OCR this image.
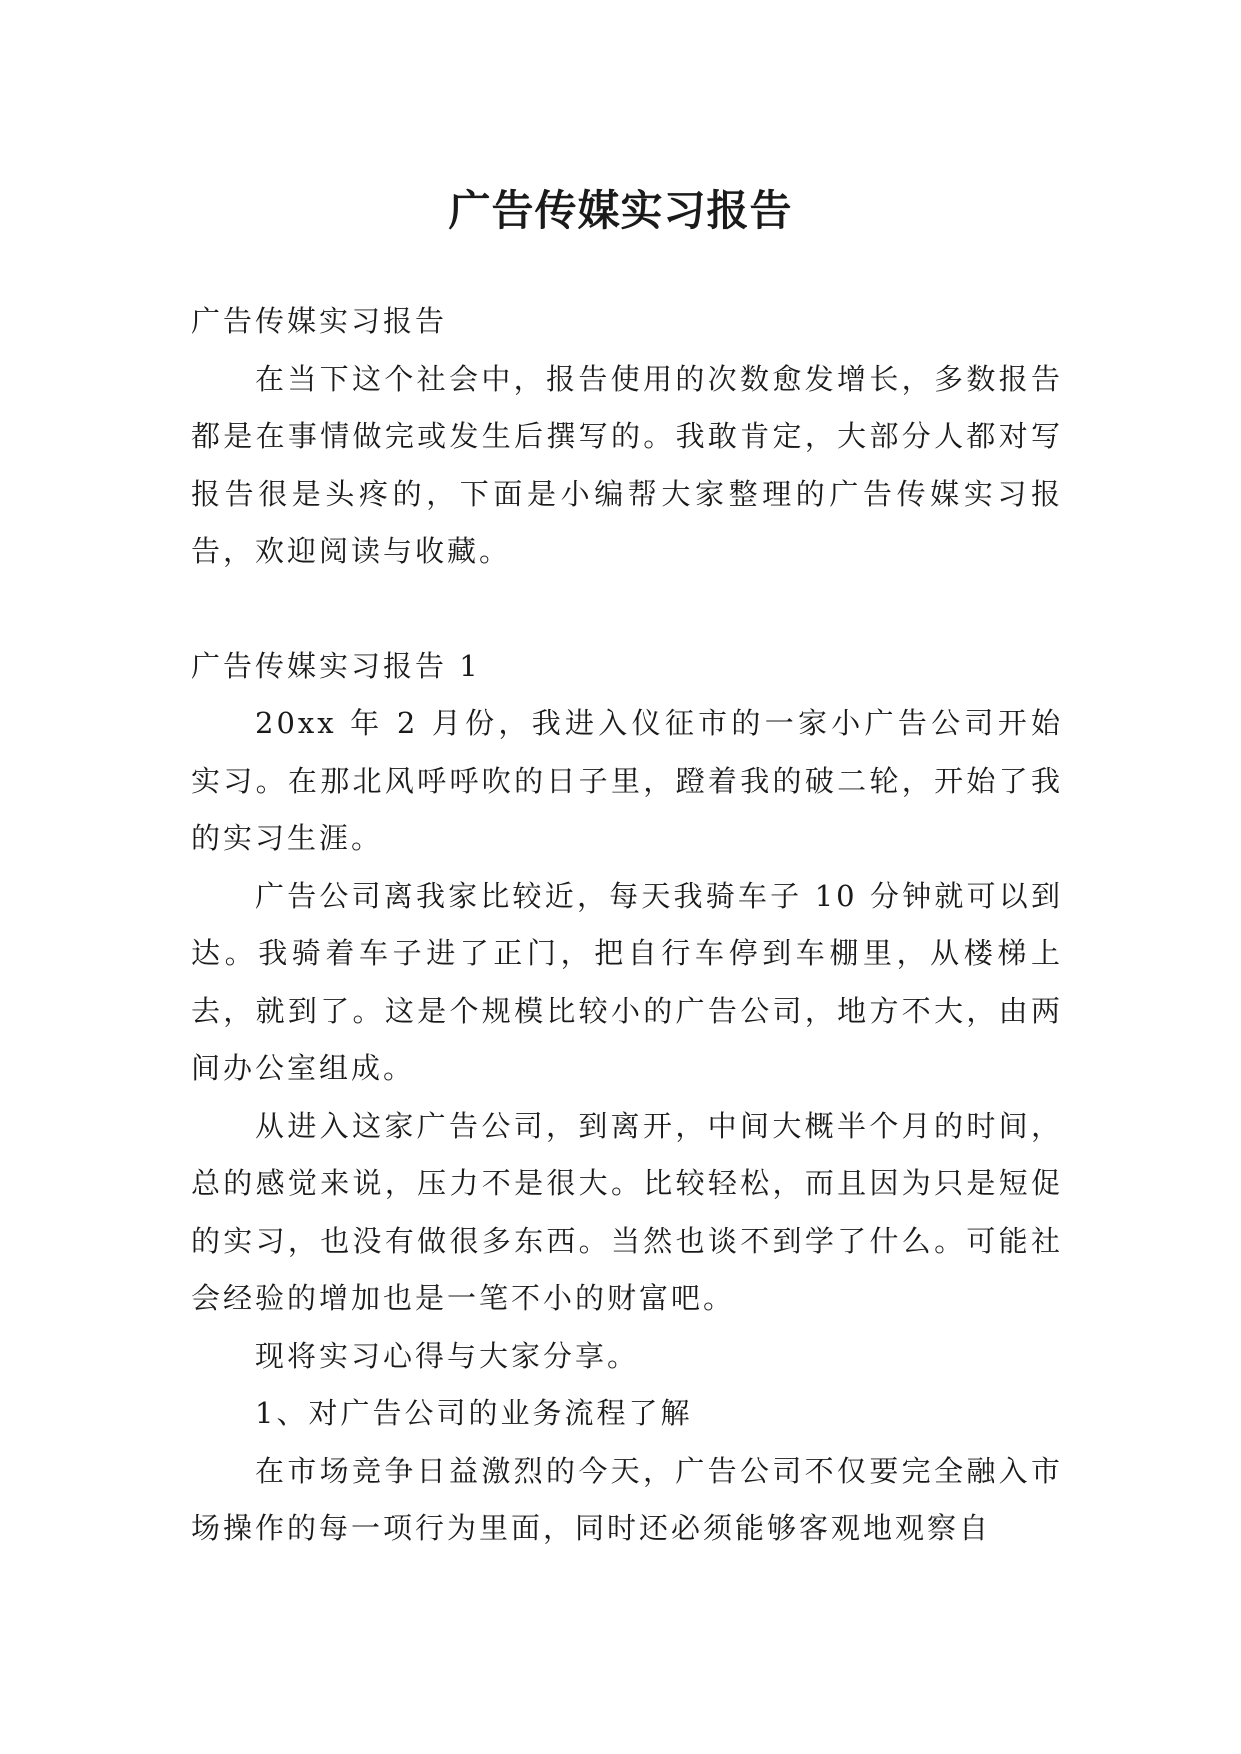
广告传媒实习报告

广告传媒实习报告

在当下这个社会中，报告使用的次数愈发增长，多数报告都是在事情做完或发生后撰写的。我敢肯定，大部分人都对写报告很是头疼的，下面是小编帮大家整理的广告传媒实习报告，欢迎阅读与收藏。

广告传媒实习报告 1

20xx 年 2 月份，我进入仪征市的一家小广告公司开始实习。在那北风呼呼吹的日子里，蹬着我的破二轮，开始了我的实习生涯。

广告公司离我家比较近，每天我骑车子 10 分钟就可以到达。我骑着车子进了正门，把自行车停到车棚里，从楼梯上去，就到了。这是个规模比较小的广告公司，地方不大，由两间办公室组成。

从进入这家广告公司，到离开，中间大概半个月的时间，总的感觉来说，压力不是很大。比较轻松，而且因为只是短促的实习，也没有做很多东西。当然也谈不到学了什么。可能社会经验的增加也是一笔不小的财富吧。

现将实习心得与大家分享。

1、对广告公司的业务流程了解

在市场竞争日益激烈的今天，广告公司不仅要完全融入市场操作的每一项行为里面，同时还必须能够客观地观察自
